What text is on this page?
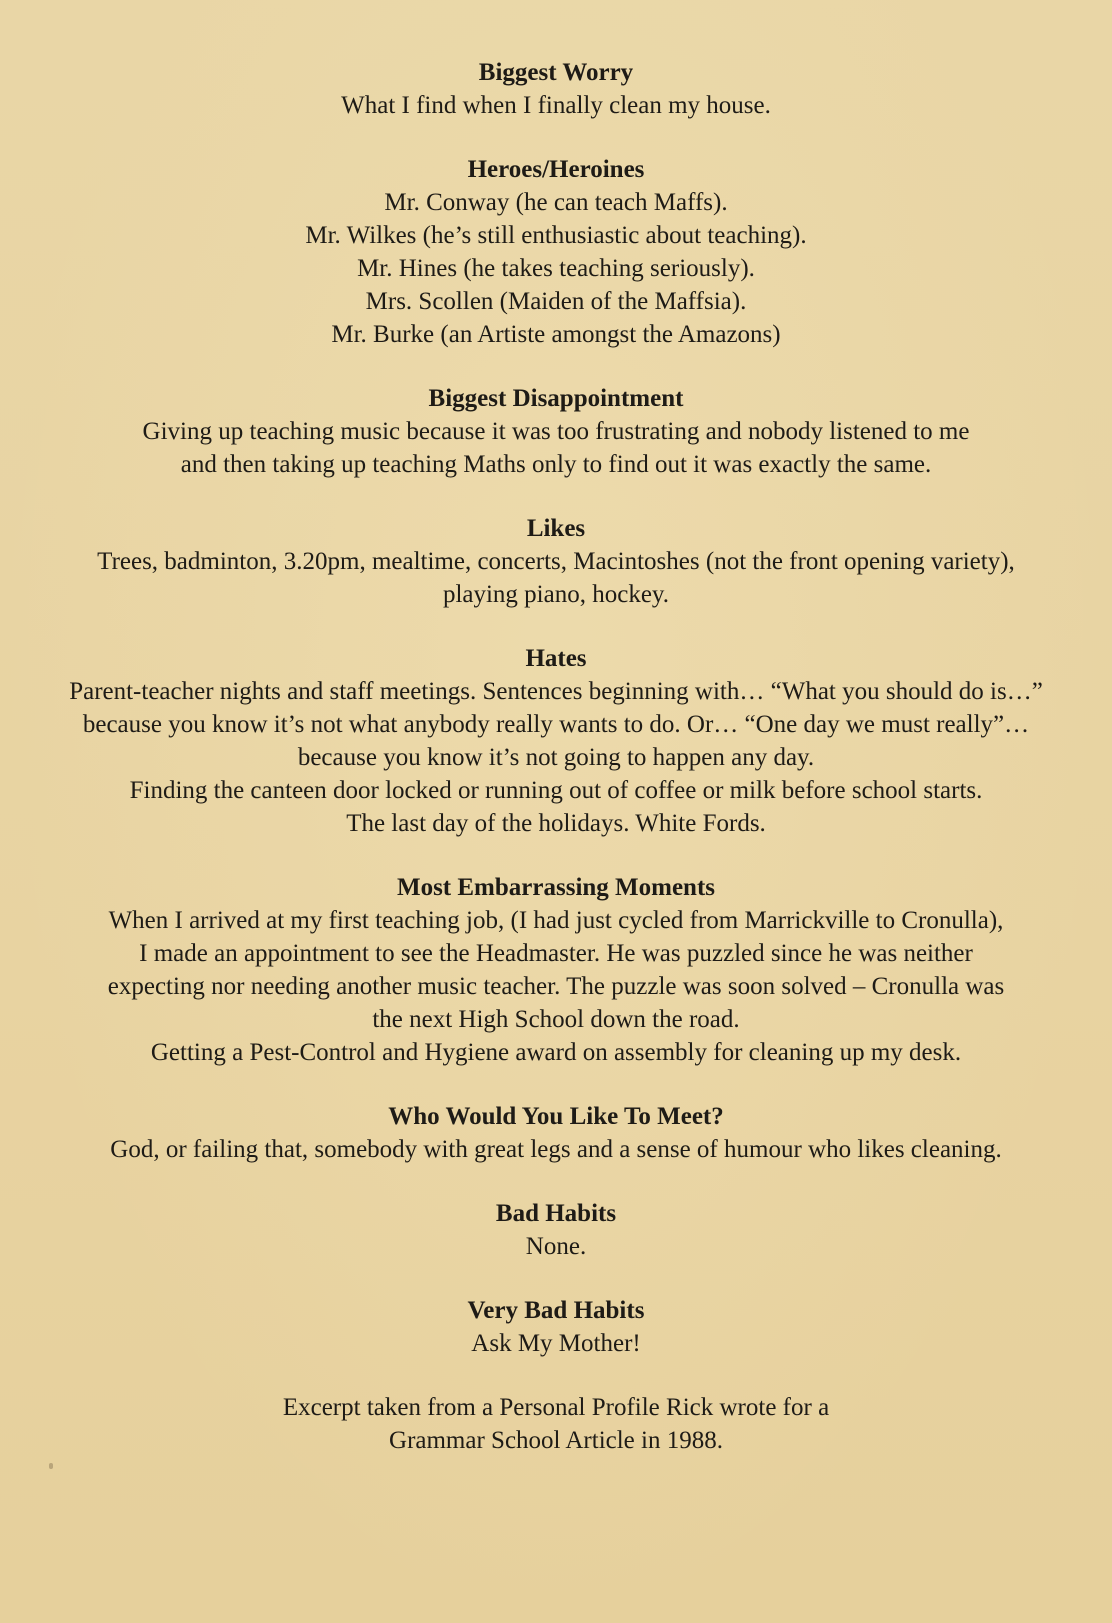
Biggest Worry

What I find when I finally clean my house.

Heroes/Heroines

Mr. Conway (he can teach Maffs).

Mr. Wilkes (he’s still enthusiastic about teaching).

Mr. Hines (he takes teaching seriously).

Mrs. Scollen (Maiden of the Maffsia).

Mr. Burke (an Artiste amongst the Amazons)

Biggest Disappointment

Giving up teaching music because it was too frustrating and nobody listened to me

and then taking up teaching Maths only to find out it was exactly the same.

Likes

Trees, badminton, 3.20pm, mealtime, concerts, Macintoshes (not the front opening variety),

playing piano, hockey.

Hates

Parent-teacher nights and staff meetings. Sentences beginning with… “What you should do is…”

because you know it’s not what anybody really wants to do. Or… “One day we must really”…

because you know it’s not going to happen any day.

Finding the canteen door locked or running out of coffee or milk before school starts.

The last day of the holidays. White Fords.

Most Embarrassing Moments

When I arrived at my first teaching job, (I had just cycled from Marrickville to Cronulla),

I made an appointment to see the Headmaster. He was puzzled since he was neither

expecting nor needing another music teacher. The puzzle was soon solved – Cronulla was

the next High School down the road.

Getting a Pest-Control and Hygiene award on assembly for cleaning up my desk.

Who Would You Like To Meet?

God, or failing that, somebody with great legs and a sense of humour who likes cleaning.

Bad Habits

None.

Very Bad Habits

Ask My Mother!

Excerpt taken from a Personal Profile Rick wrote for a

Grammar School Article in 1988.
